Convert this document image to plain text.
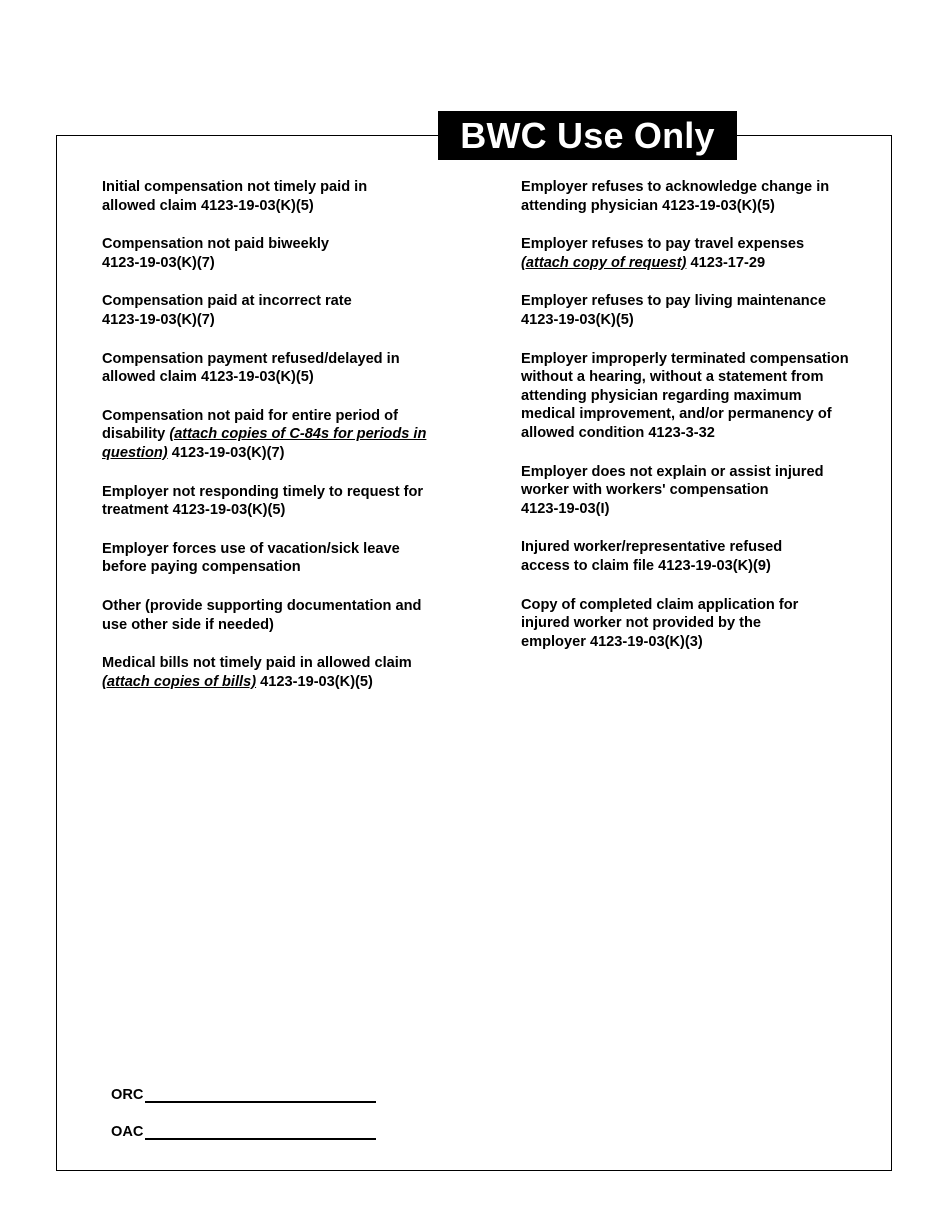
BWC Use Only
Initial compensation not timely paid in allowed claim 4123-19-03(K)(5)
Compensation not paid biweekly 4123-19-03(K)(7)
Compensation paid at incorrect rate 4123-19-03(K)(7)
Compensation payment refused/delayed in allowed claim 4123-19-03(K)(5)
Compensation not paid for entire period of disability (attach copies of C-84s for periods in question) 4123-19-03(K)(7)
Employer not responding timely to request for treatment 4123-19-03(K)(5)
Employer forces use of vacation/sick leave before paying compensation
Other (provide supporting documentation and use other side if needed)
Medical bills not timely paid in allowed claim (attach copies of bills) 4123-19-03(K)(5)
Employer refuses to acknowledge change in attending physician 4123-19-03(K)(5)
Employer refuses to pay travel expenses (attach copy of request) 4123-17-29
Employer refuses to pay living maintenance 4123-19-03(K)(5)
Employer improperly terminated compensation without a hearing, without a statement from attending physician regarding maximum medical improvement, and/or permanency of allowed condition 4123-3-32
Employer does not explain or assist injured worker with workers' compensation 4123-19-03(I)
Injured worker/representative refused access to claim file 4123-19-03(K)(9)
Copy of completed claim application for injured worker not provided by the employer 4123-19-03(K)(3)
ORC
OAC
